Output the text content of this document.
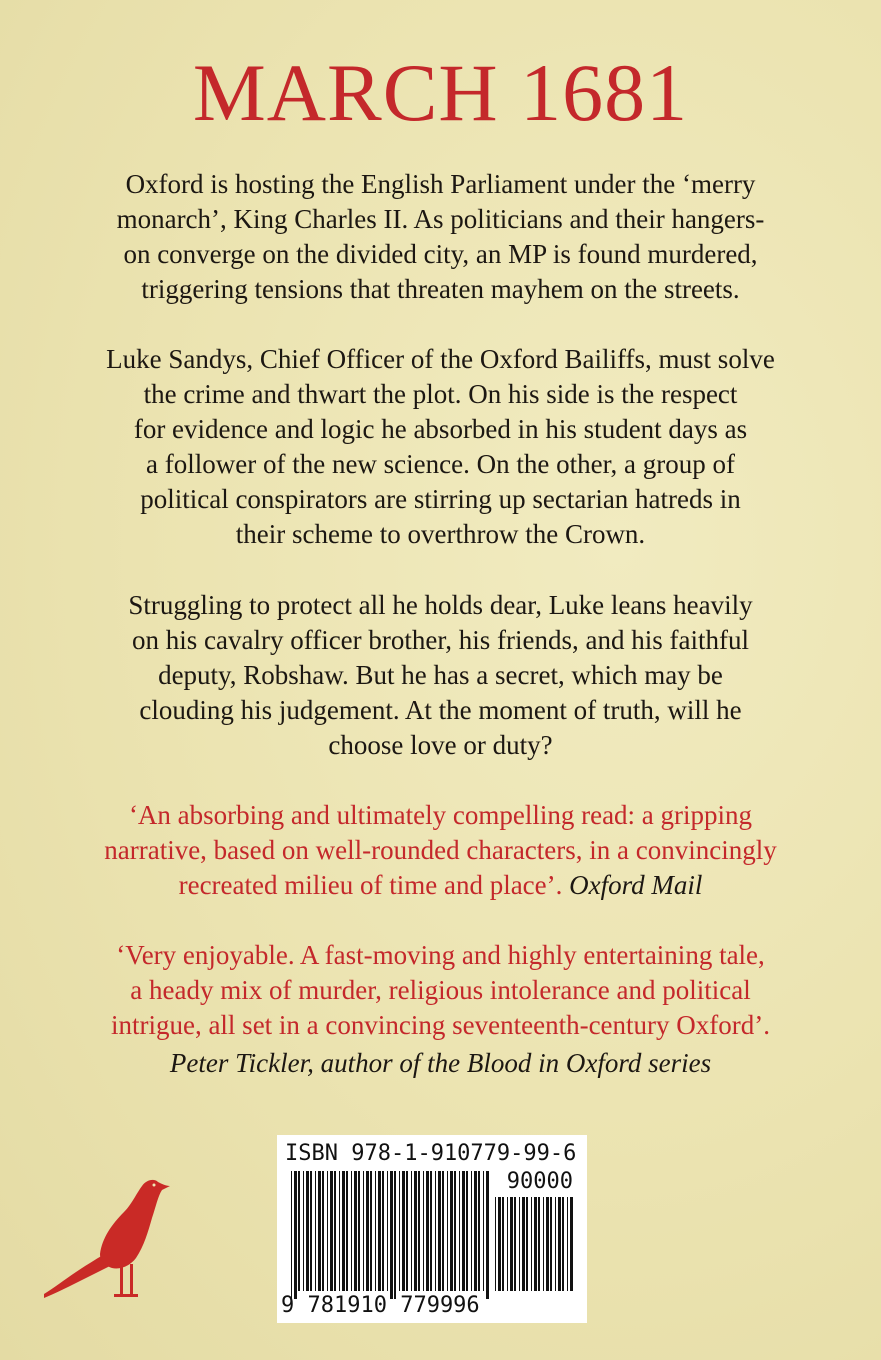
MARCH 1681

Oxford is hosting the English Parliament under the ‘merry
monarch’, King Charles II. As politicians and their hangers-
on converge on the divided city, an MP is found murdered,
triggering tensions that threaten mayhem on the streets.

Luke Sandys, Chief Officer of the Oxford Bailiffs, must solve
the crime and thwart the plot. On his side is the respect
for evidence and logic he absorbed in his student days as
a follower of the new science. On the other, a group of
political conspirators are stirring up sectarian hatreds in
their scheme to overthrow the Crown.

Struggling to protect all he holds dear, Luke leans heavily
on his cavalry officer brother, his friends, and his faithful
deputy, Robshaw. But he has a secret, which may be
clouding his judgement. At the moment of truth, will he
choose love or duty?

‘An absorbing and ultimately compelling read: a gripping
narrative, based on well-rounded characters, in a convincingly
recreated milieu of time and place’. Oxford Mail

‘Very enjoyable. A fast-moving and highly entertaining tale,
a heady mix of murder, religious intolerance and political
intrigue, all set in a convincing seventeenth-century Oxford’.

Peter Tickler, author of the Blood in Oxford series

ISBN 978-1-910779-99-6
90000
9 781910 779996
